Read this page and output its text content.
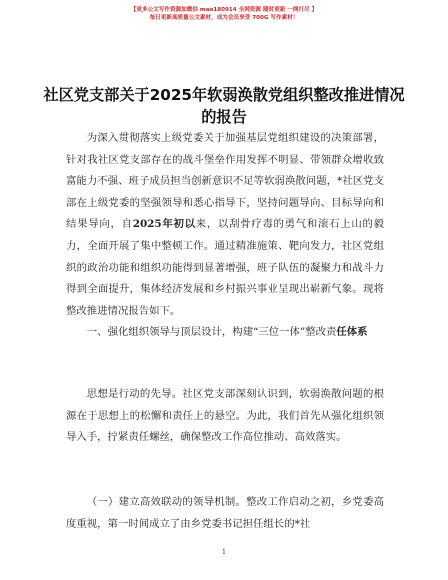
【更多公文写作资源加微信 mao180914 全网资源 随时更新 一网打尽 】
每日更新高质量公文素材，成为会员享受 700G 写作素材！
社区党支部关于2025年软弱涣散党组织整改推进情况的报告

为深入贯彻落实上级党委关于加强基层党组织建设的决策部署，针对我社区党支部存在的战斗堡垒作用发挥不明显、带领群众增收致富能力不强、班子成员担当创新意识不足等软弱涣散问题，*社区党支部在上级党委的坚强领导和悉心指导下，坚持问题导向、目标导向和结果导向，自2025年初以来，以刮骨疗毒的勇气和滚石上山的毅力，全面开展了集中整顿工作。通过精准施策、靶向发力，社区党组织的政治功能和组织功能得到显著增强，班子队伍的凝聚力和战斗力得到全面提升，集体经济发展和乡村振兴事业呈现出崭新气象。现将整改推进情况报告如下。

一、强化组织领导与顶层设计，构建“三位一体”整改责任体系

思想是行动的先导。社区党支部深刻认识到，软弱涣散问题的根源在于思想上的松懈和责任上的悬空。为此，我们首先从强化组织领导入手，拧紧责任螺丝，确保整改工作高位推动、高效落实。

（一）建立高效联动的领导机制。整改工作启动之初，乡党委高度重视，第一时间成立了由乡党委书记担任组长的*社

1
